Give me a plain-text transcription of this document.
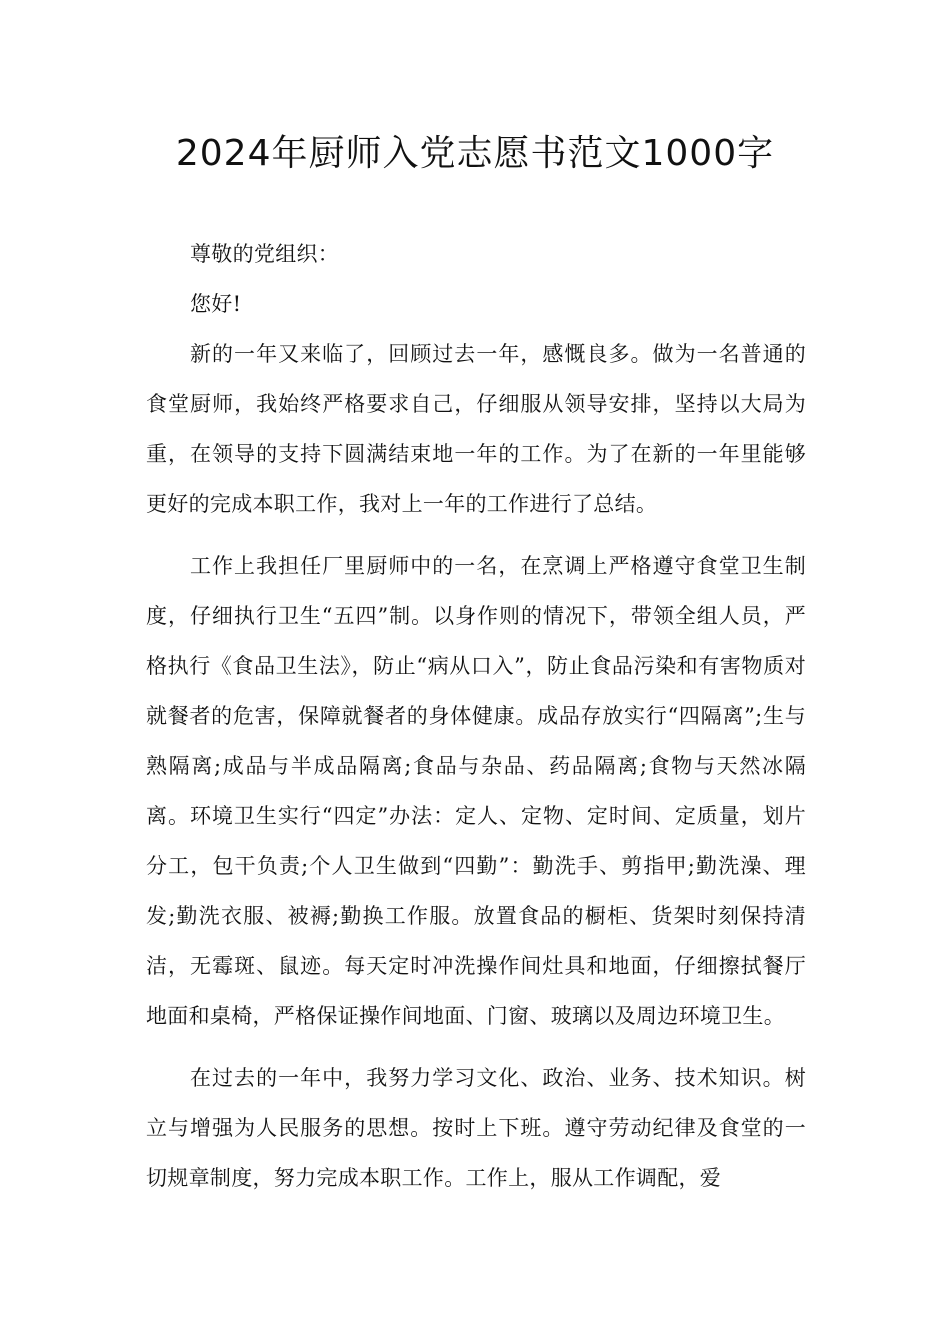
2024年厨师入党志愿书范文1000字

尊敬的党组织：

您好!

新的一年又来临了，回顾过去一年，感慨良多。做为一名普通的食堂厨师，我始终严格要求自己，仔细服从领导安排，坚持以大局为重，在领导的支持下圆满结束地一年的工作。为了在新的一年里能够更好的完成本职工作，我对上一年的工作进行了总结。

工作上我担任厂里厨师中的一名，在烹调上严格遵守食堂卫生制度，仔细执行卫生“五四”制。以身作则的情况下，带领全组人员，严格执行《食品卫生法》，防止“病从口入”，防止食品污染和有害物质对就餐者的危害，保障就餐者的身体健康。成品存放实行“四隔离”;生与熟隔离;成品与半成品隔离;食品与杂品、药品隔离;食物与天然冰隔离。环境卫生实行“四定”办法：定人、定物、定时间、定质量，划片分工，包干负责;个人卫生做到“四勤”：勤洗手、剪指甲;勤洗澡、理发;勤洗衣服、被褥;勤换工作服。放置食品的橱柜、货架时刻保持清洁，无霉斑、鼠迹。每天定时冲洗操作间灶具和地面，仔细擦拭餐厅地面和桌椅，严格保证操作间地面、门窗、玻璃以及周边环境卫生。

在过去的一年中，我努力学习文化、政治、业务、技术知识。树立与增强为人民服务的思想。按时上下班。遵守劳动纪律及食堂的一切规章制度，努力完成本职工作。工作上，服从工作调配，爱
